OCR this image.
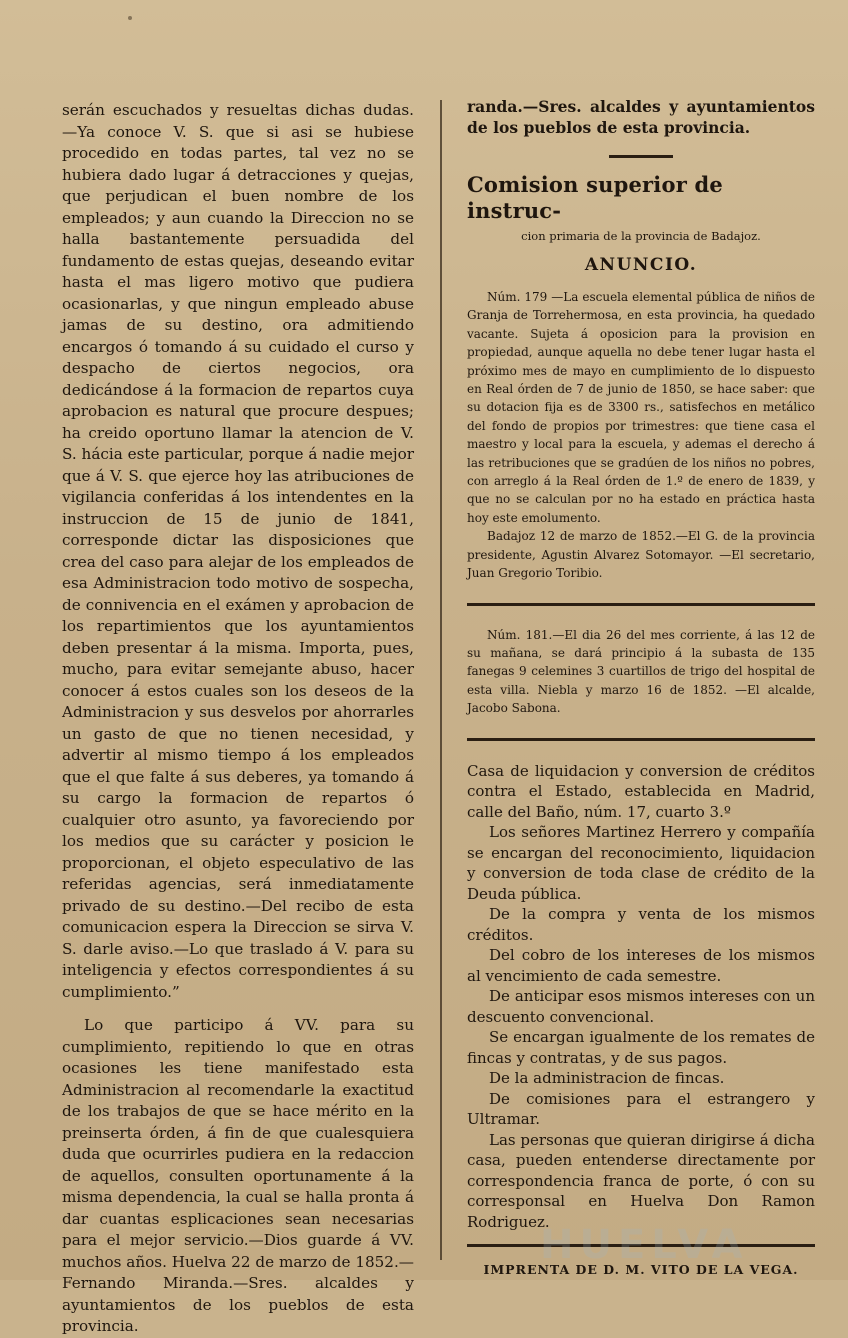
serán escuchados y resueltas dichas dudas. —Ya conoce V. S. que si asi se hubiese procedido en todas partes, tal vez no se hubiera dado lugar á detracciones y quejas, que perjudican el buen nombre de los empleados; y aun cuando la Direccion no se halla bastantemente persuadida del fundamento de estas quejas, deseando evitar hasta el mas ligero motivo que pudiera ocasionarlas, y que ningun empleado abuse jamas de su destino, ora admitiendo encargos ó tomando á su cuidado el curso y despacho de ciertos negocios, ora dedicándose á la formacion de repartos cuya aprobacion es natural que procure despues; ha creido oportuno llamar la atencion de V. S. hácia este particular, porque á nadie mejor que á V. S. que ejerce hoy las atribuciones de vigilancia conferidas á los intendentes en la instruccion de 15 de junio de 1841, corresponde dictar las disposiciones que crea del caso para alejar de los empleados de esa Administracion todo motivo de sospecha, de connivencia en el exámen y aprobacion de los repartimientos que los ayuntamientos deben presentar á la misma. Importa, pues, mucho, para evitar semejante abuso, hacer conocer á estos cuales son los deseos de la Administracion y sus desvelos por ahorrarles un gasto de que no tienen necesidad, y advertir al mismo tiempo á los empleados que el que falte á sus deberes, ya tomando á su cargo la formacion de repartos ó cualquier otro asunto, ya favoreciendo por los medios que su carácter y posicion le proporcionan, el objeto especulativo de las referidas agencias, será inmediatamente privado de su destino.—Del recibo de esta comunicacion espera la Direccion se sirva V. S. darle aviso.—Lo que traslado á V. para su inteligencia y efectos correspondientes á su cumplimiento.”

Lo que participo á VV. para su cumplimiento, repitiendo lo que en otras ocasiones les tiene manifestado esta Administracion al recomendarle la exactitud de los trabajos de que se hace mérito en la preinserta órden, á fin de que cualesquiera duda que ocurrirles pudiera en la redaccion de aquellos, consulten oportunamente á la misma dependencia, la cual se halla pronta á dar cuantas esplicaciones sean necesarias para el mejor servicio.—Dios guarde á VV. muchos años. Huelva 22 de marzo de 1852.—Fernando Miranda.—Sres. alcaldes y ayuntamientos de los pueblos de esta provincia.

randa.—Sres. alcaldes y ayuntamientos de los pueblos de esta provincia.

Comision superior de instruc-
cion primaria de la provincia de Badajoz.
ANUNCIO.

Núm. 179 —La escuela elemental pública de niños de Granja de Torrehermosa, en esta provincia, ha quedado vacante. Sujeta á oposicion para la provision en propiedad, aunque aquella no debe tener lugar hasta el próximo mes de mayo en cumplimiento de lo dispuesto en Real órden de 7 de junio de 1850, se hace saber: que su dotacion fija es de 3300 rs., satisfechos en metálico del fondo de propios por trimestres: que tiene casa el maestro y local para la escuela, y ademas el derecho á las retribuciones que se gradúen de los niños no pobres, con arreglo á la Real órden de 1.º de enero de 1839, y que no se calculan por no ha estado en práctica hasta hoy este emolumento.

Badajoz 12 de marzo de 1852.—El G. de la provincia presidente, Agustin Alvarez Sotomayor. —El secretario, Juan Gregorio Toribio.

Núm. 181.—El dia 26 del mes corriente, á las 12 de su mañana, se dará principio á la subasta de 135 fanegas 9 celemines 3 cuartillos de trigo del hospital de esta villa. Niebla y marzo 16 de 1852. —El alcalde, Jacobo Sabona.

Casa de liquidacion y conversion de créditos contra el Estado, establecida en Madrid, calle del Baño, núm. 17, cuarto 3.º

Los señores Martinez Herrero y compañía se encargan del reconocimiento, liquidacion y conversion de toda clase de crédito de la Deuda pública.

De la compra y venta de los mismos créditos.

Del cobro de los intereses de los mismos al vencimiento de cada semestre.

De anticipar esos mismos intereses con un descuento convencional.

Se encargan igualmente de los remates de fincas y contratas, y de sus pagos.

De la administracion de fincas.

De comisiones para el estrangero y Ultramar.

Las personas que quieran dirigirse á dicha casa, pueden entenderse directamente por correspondencia franca de porte, ó con su corresponsal en Huelva Don Ramon Rodriguez.

IMPRENTA DE D. M. VITO DE LA VEGA.
HUELVA
